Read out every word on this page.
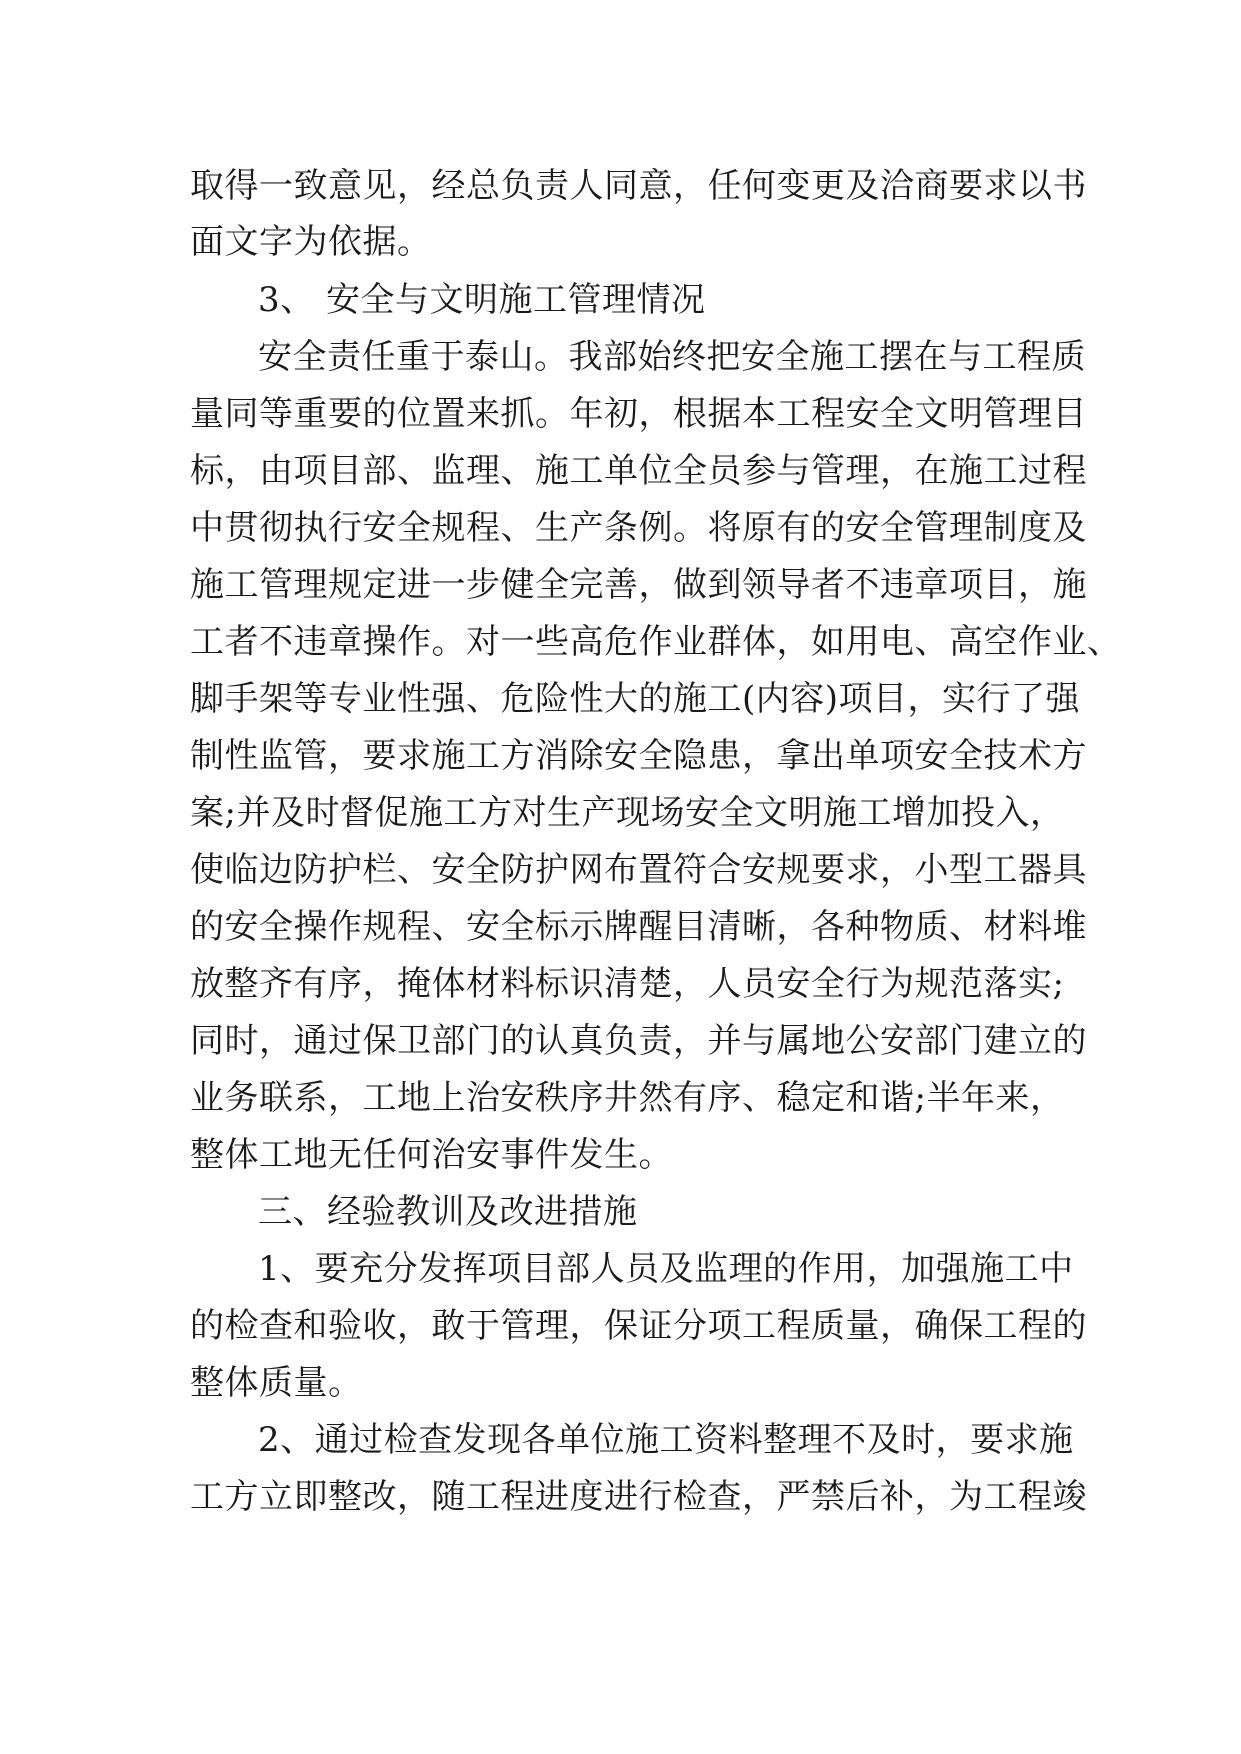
取得一致意见，经总负责人同意，任何变更及洽商要求以书
面文字为依据。
3、 安全与文明施工管理情况
安全责任重于泰山。我部始终把安全施工摆在与工程质
量同等重要的位置来抓。年初，根据本工程安全文明管理目
标，由项目部、监理、施工单位全员参与管理，在施工过程
中贯彻执行安全规程、生产条例。将原有的安全管理制度及
施工管理规定进一步健全完善，做到领导者不违章项目，施
工者不违章操作。对一些高危作业群体，如用电、高空作业、
脚手架等专业性强、危险性大的施工(内容)项目，实行了强
制性监管，要求施工方消除安全隐患，拿出单项安全技术方
案;并及时督促施工方对生产现场安全文明施工增加投入，
使临边防护栏、安全防护网布置符合安规要求，小型工器具
的安全操作规程、安全标示牌醒目清晰，各种物质、材料堆
放整齐有序，掩体材料标识清楚，人员安全行为规范落实;
同时，通过保卫部门的认真负责，并与属地公安部门建立的
业务联系，工地上治安秩序井然有序、稳定和谐;半年来，
整体工地无任何治安事件发生。
三、经验教训及改进措施
1、要充分发挥项目部人员及监理的作用，加强施工中
的检查和验收，敢于管理，保证分项工程质量，确保工程的
整体质量。
2、通过检查发现各单位施工资料整理不及时，要求施
工方立即整改，随工程进度进行检查，严禁后补，为工程竣
